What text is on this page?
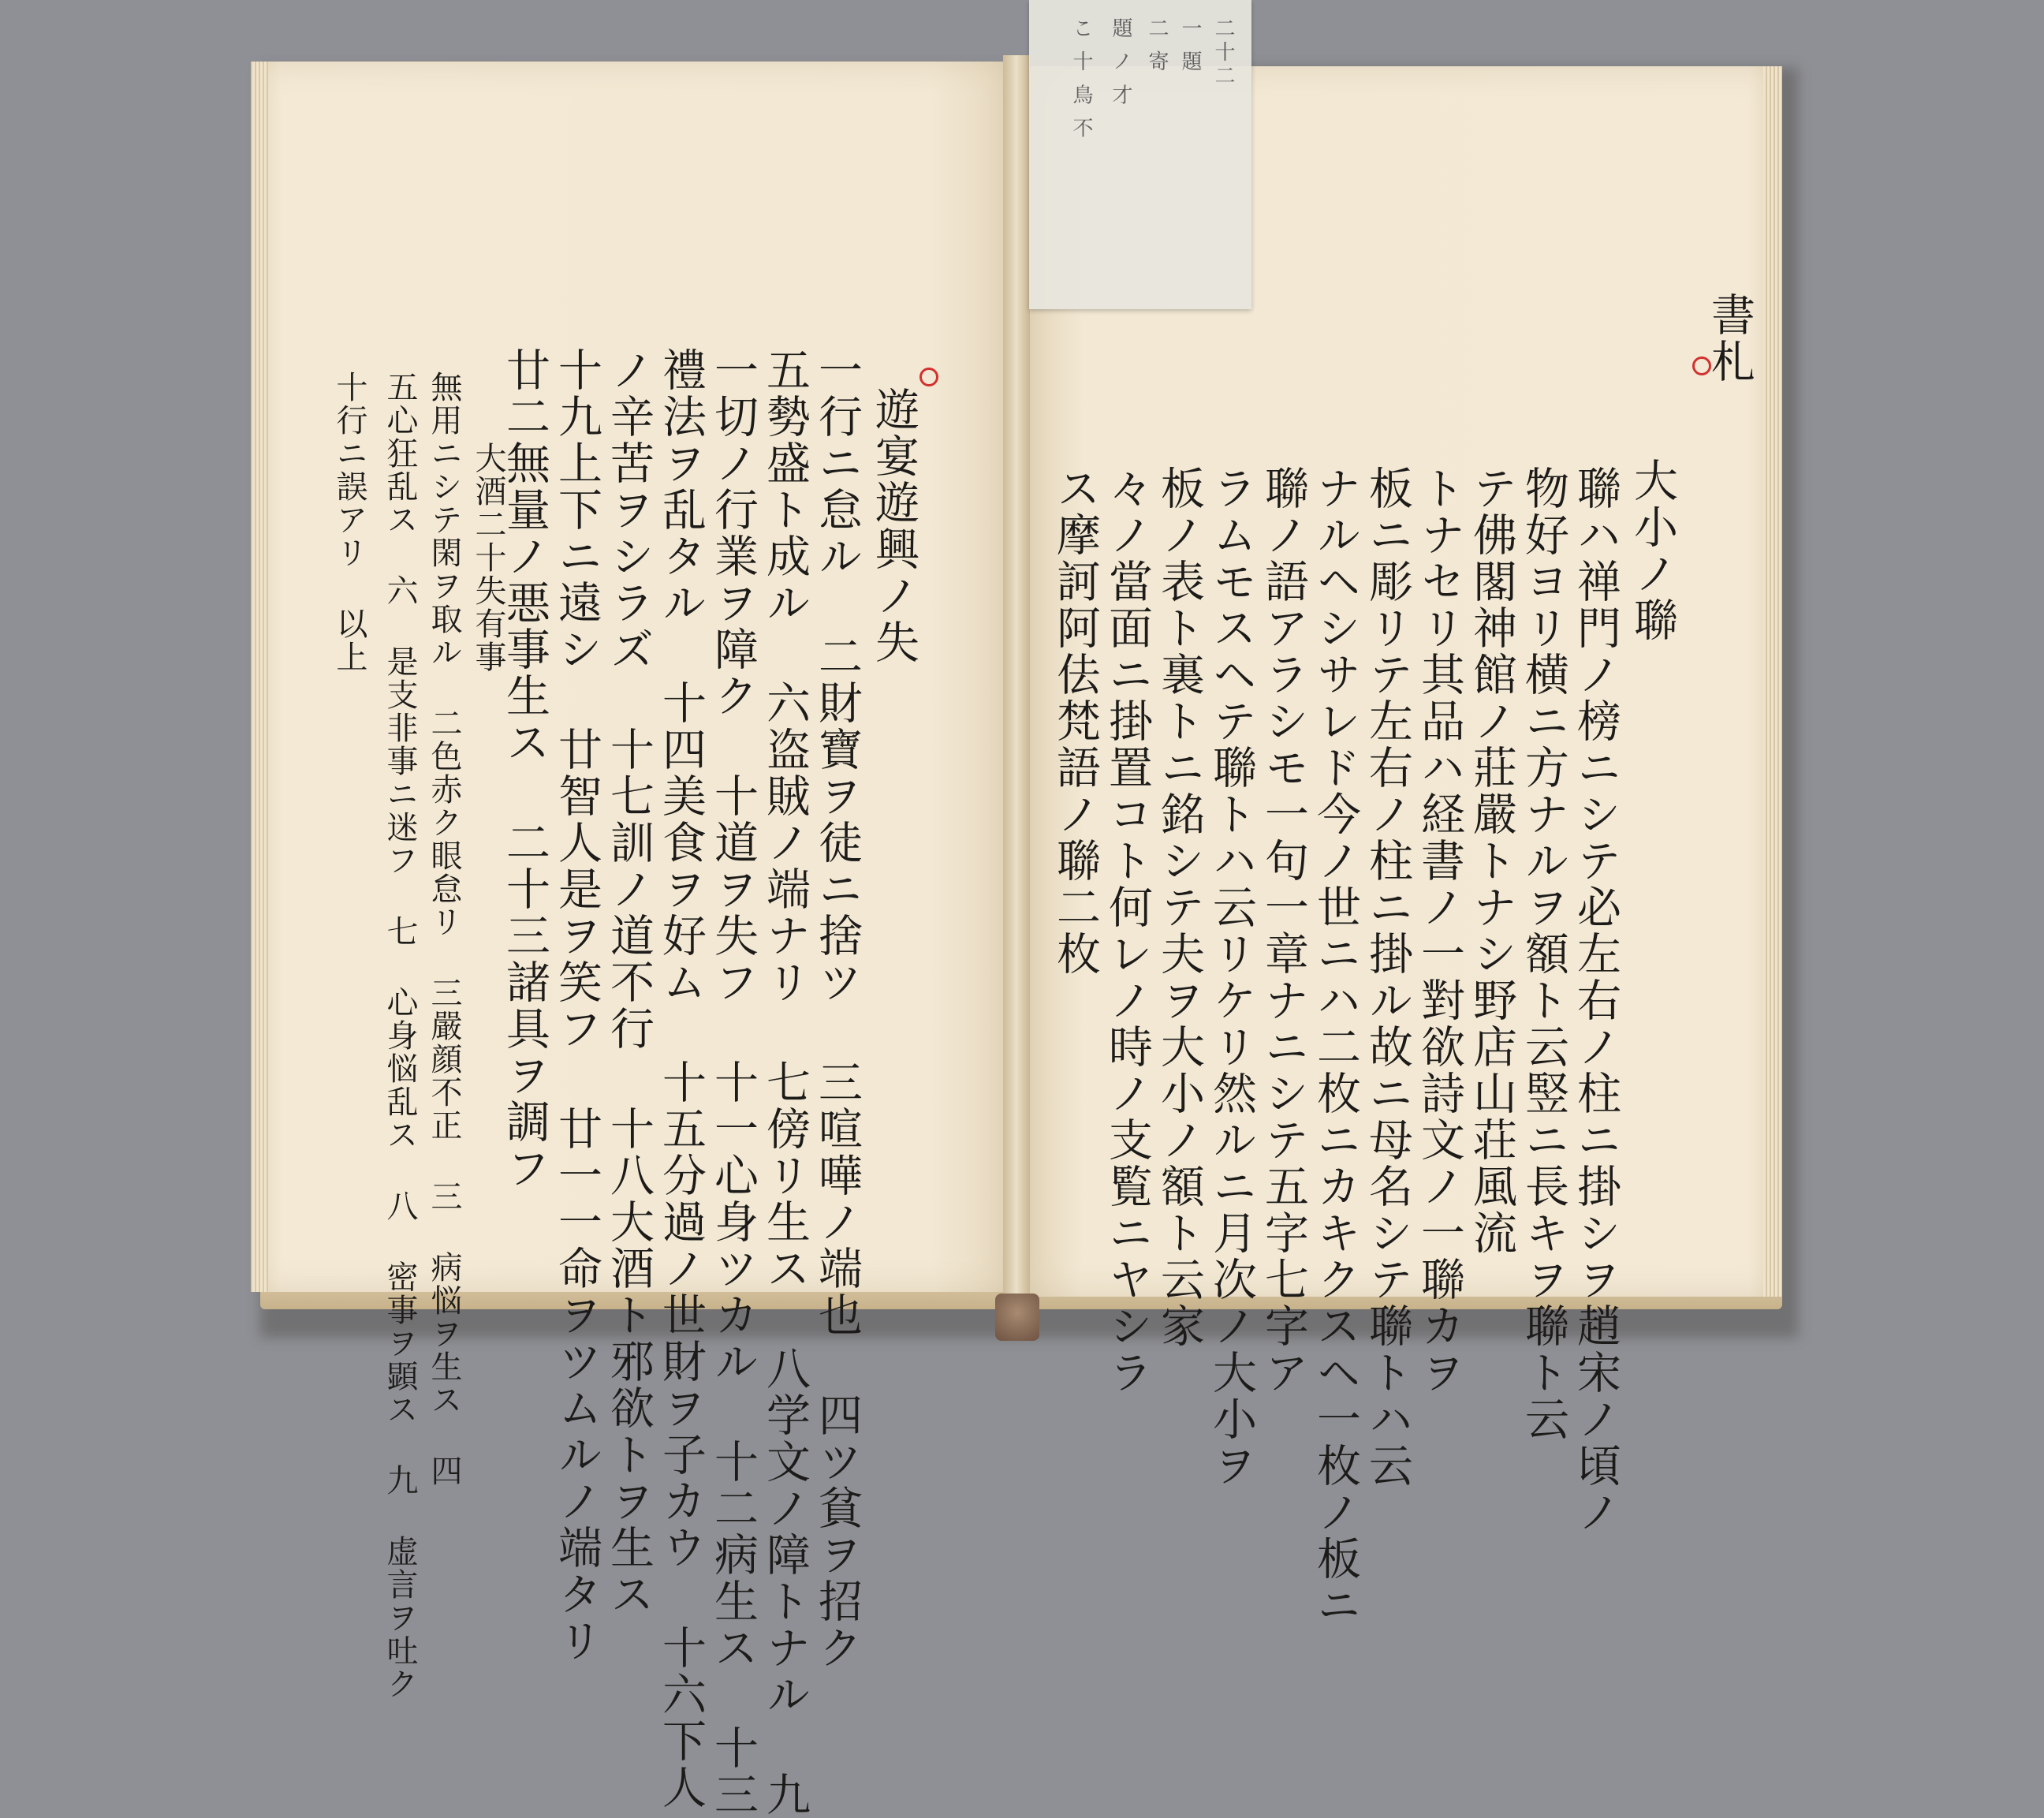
二十二
一 題
二 寄
題 ノ 才
こ 十 鳥 不
書札
大小ノ聯
聯ハ禅門ノ榜ニシテ必左右ノ柱ニ掛シヲ趙宋ノ頃ノ
物好ヨリ横ニ方ナルヲ額ト云竪ニ長キヲ聯ト云
テ佛閣神館ノ莊嚴トナシ野店山荘風流
トナセリ其品ハ経書ノ一對欲詩文ノ一聯カヲ
板ニ彫リテ左右ノ柱ニ掛ル故ニ母名シテ聯トハ云
ナルヘシサレド今ノ世ニハ二枚ニカキクスヘ一枚ノ板ニ
聯ノ語アラシモ一句一章ナニシテ五字七字ア
ラムモスヘテ聯トハ云リケリ然ルニ月次ノ大小ヲ
板ノ表ト裏トニ銘シテ夫ヲ大小ノ額ト云家
々ノ當面ニ掛置コト何レノ時ノ支覧ニヤシラ
ス摩訶阿佉梵語ノ聯二枚
遊宴遊興ノ失
一行ニ怠ル 二財寶ヲ徒ニ捨ツ 三喧嘩ノ端也 四ツ貧ヲ招ク
五勢盛ト成ル 六盗賊ノ端ナリ 七傍リ生ス 八学文ノ障トナル 九
一切ノ行業ヲ障ク 十道ヲ失フ 十一心身ツカル 十二病生ス 十三
禮法ヲ乱タル 十四美食ヲ好ム 十五分過ノ世財ヲ子カウ 十六下人
ノ辛苦ヲシラズ 十七訓ノ道不行 十八大酒ト邪欲トヲ生ス
十九上下ニ遠シ 廿智人是ヲ笑フ 廿一一命ヲツムルノ端タリ
廿二無量ノ悪事生ス 二十三諸具ヲ調フ
大酒二十失有事
無用ニシテ閑ヲ取ル 二色赤ク眼怠リ 三嚴顔不正 三 病悩ヲ生ス 四
五心狂乱ス 六 是支非事ニ迷フ 七 心身悩乱ス 八 密事ヲ顕ス 九 虚言ヲ吐ク
十行ニ誤アリ 以上
